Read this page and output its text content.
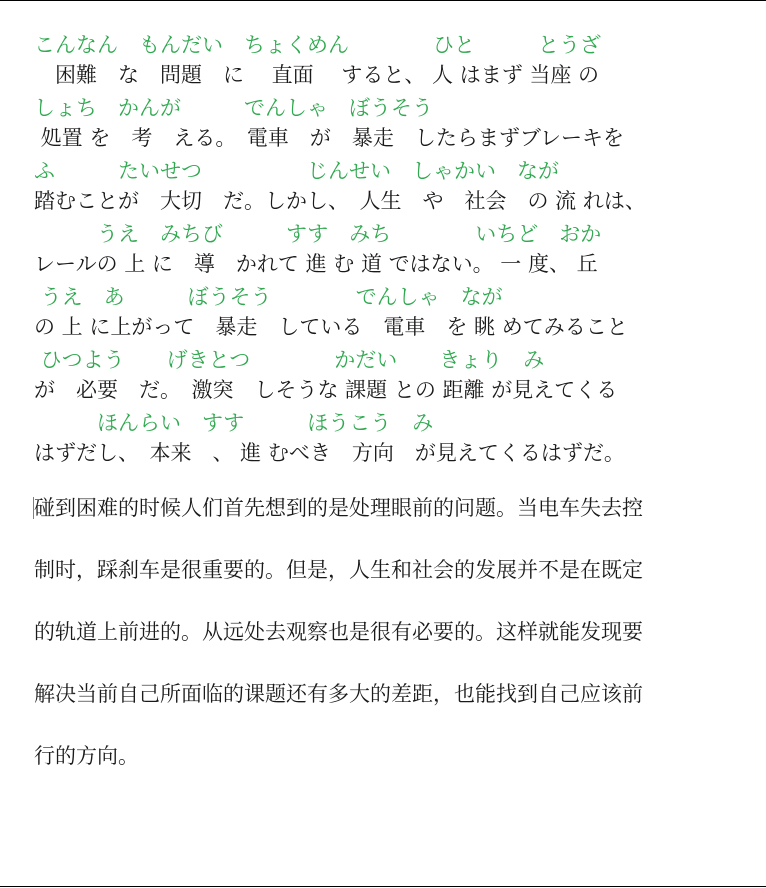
こんなん　もんだい　ちょくめん　　　　ひと　　　とうざ
　困難　な　問題　に　 直面　 すると、 人 はまず 当座 の
しょち　かんが　　　でんしゃ　ぼうそう
処置 を　考　える。　電車　が　暴走　したらまずブレーキを
ふ　　　たいせつ　　　　　じんせい　しゃかい　なが
踏むことが　大切　だ。しかし、　人生　や　社会　の 流 れは、
　　　うえ　みちび　　　すす　みち　　　　いちど　おか
レールの 上 に　導　かれて 進 む 道 ではない。 一 度、 丘
うえ　あ　　　ぼうそう　　　　でんしゃ　なが
の 上 に上がって　暴走　している　電車　を 眺 めてみること
ひつよう　　げきとつ　　　　かだい　　きょり　み
が　必要　だ。　激突　しそうな 課題 との 距離 が見えてくる
　　　ほんらい　すす　　　ほうこう　み
はずだし、　本来　、 進 むべき　方向　が見えてくるはずだ。
碰到困难的时候人们首先想到的是处理眼前的问题。当电车失去控
制时，踩刹车是很重要的。但是，人生和社会的发展并不是在既定
的轨道上前进的。从远处去观察也是很有必要的。这样就能发现要
解决当前自己所面临的课题还有多大的差距，也能找到自己应该前
行的方向。
